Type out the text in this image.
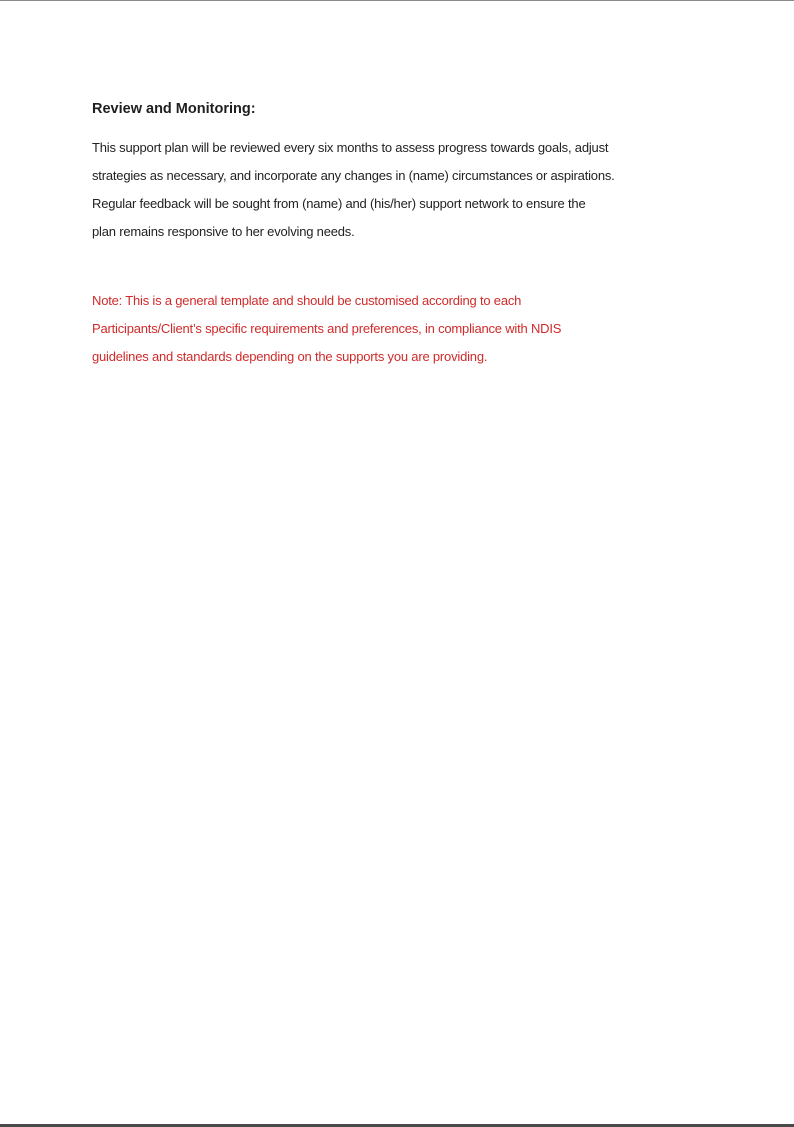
Review and Monitoring:

This support plan will be reviewed every six months to assess progress towards goals, adjust
strategies as necessary, and incorporate any changes in (name) circumstances or aspirations.
Regular feedback will be sought from (name) and (his/her) support network to ensure the
plan remains responsive to her evolving needs.

Note: This is a general template and should be customised according to each
Participants/Client’s specific requirements and preferences, in compliance with NDIS
guidelines and standards depending on the supports you are providing.
